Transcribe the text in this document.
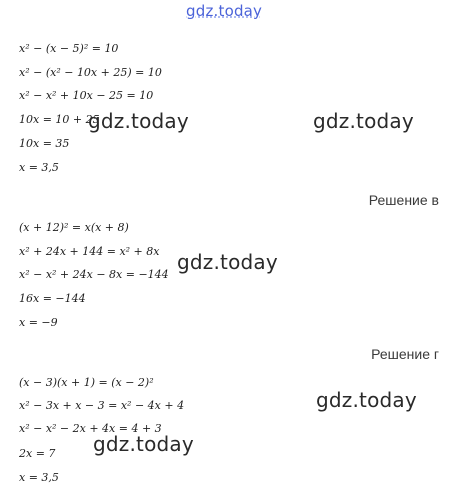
gdz.today
x² − (x − 5)² = 10
x² − (x² − 10x + 25) = 10
x² − x² + 10x − 25 = 10
10x = 10 + 25
10x = 35
x = 3,5
gdz.today	gdz.today
Решение в
(x + 12)² = x(x + 8)
x² + 24x + 144 = x² + 8x
x² − x² + 24x − 8x = −144
16x = −144
x = −9
gdz.today
Решение г
(x − 3)(x + 1) = (x − 2)²
x² − 3x + x − 3 = x² − 4x + 4
x² − x² − 2x + 4x = 4 + 3
2x = 7
x = 3,5
gdz.today
gdz.today
